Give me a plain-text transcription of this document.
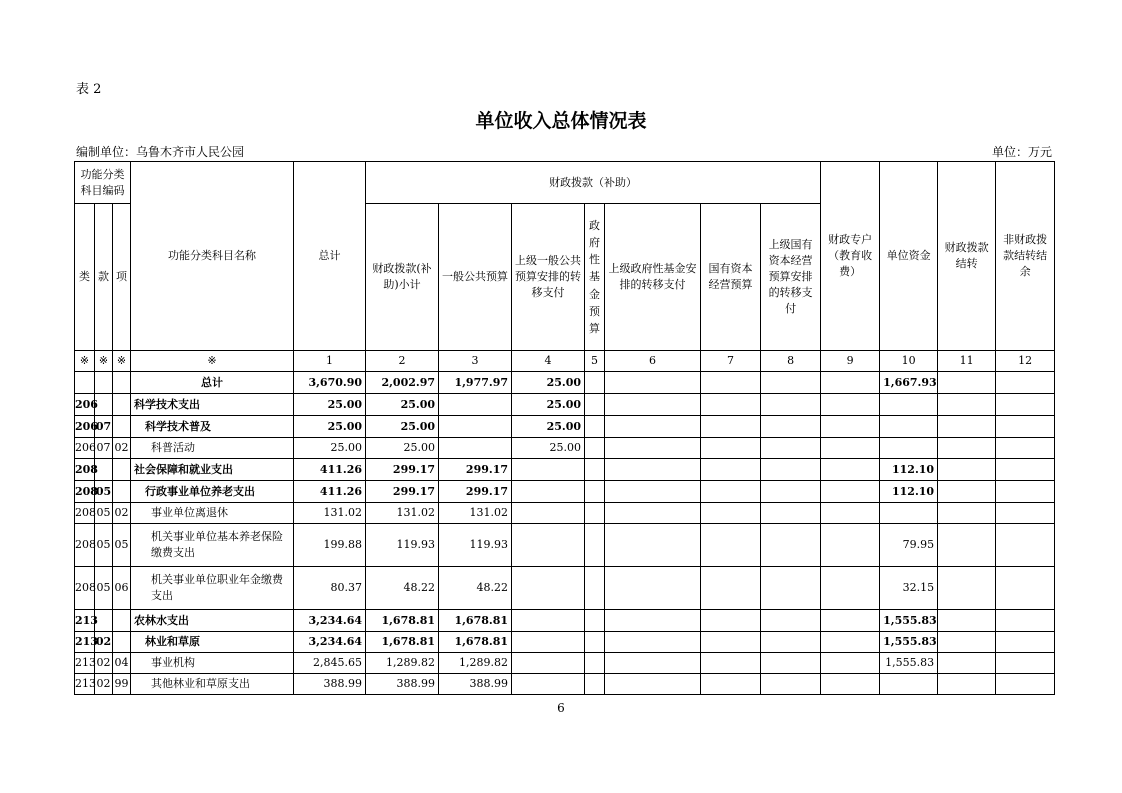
表 2
单位收入总体情况表
编制单位：乌鲁木齐市人民公园	单位：万元
功能分类科目编码			功能分类科目名称	总计	财政拨款（补助）							财政专户（教育收费）	单位资金	财政拨款结转	非财政拨款结转结余
类	款	项			财政拨款(补助)小计	一般公共预算	上级一般公共预算安排的转移支付	政府性基金预算	上级政府性基金安排的转移支付	国有资本经营预算	上级国有资本经营预算安排的转移支付				
※	※	※	※	1	2	3	4	5	6	7	8	9	10	11	12
			总计	3,670.90	2,002.97	1,977.97	25.00						1,667.93		
206			科学技术支出	25.00	25.00		25.00								
206	07		科学技术普及	25.00	25.00		25.00								
206	07	02	科普活动	25.00	25.00		25.00								
208			社会保障和就业支出	411.26	299.17	299.17							112.10		
208	05		行政事业单位养老支出	411.26	299.17	299.17							112.10		
208	05	02	事业单位离退休	131.02	131.02	131.02									
208	05	05	机关事业单位基本养老保险缴费支出	199.88	119.93	119.93							79.95		
208	05	06	机关事业单位职业年金缴费支出	80.37	48.22	48.22							32.15		
213			农林水支出	3,234.64	1,678.81	1,678.81							1,555.83		
213	02		林业和草原	3,234.64	1,678.81	1,678.81							1,555.83		
213	02	04	事业机构	2,845.65	1,289.82	1,289.82							1,555.83		
213	02	99	其他林业和草原支出	388.99	388.99	388.99									
6
